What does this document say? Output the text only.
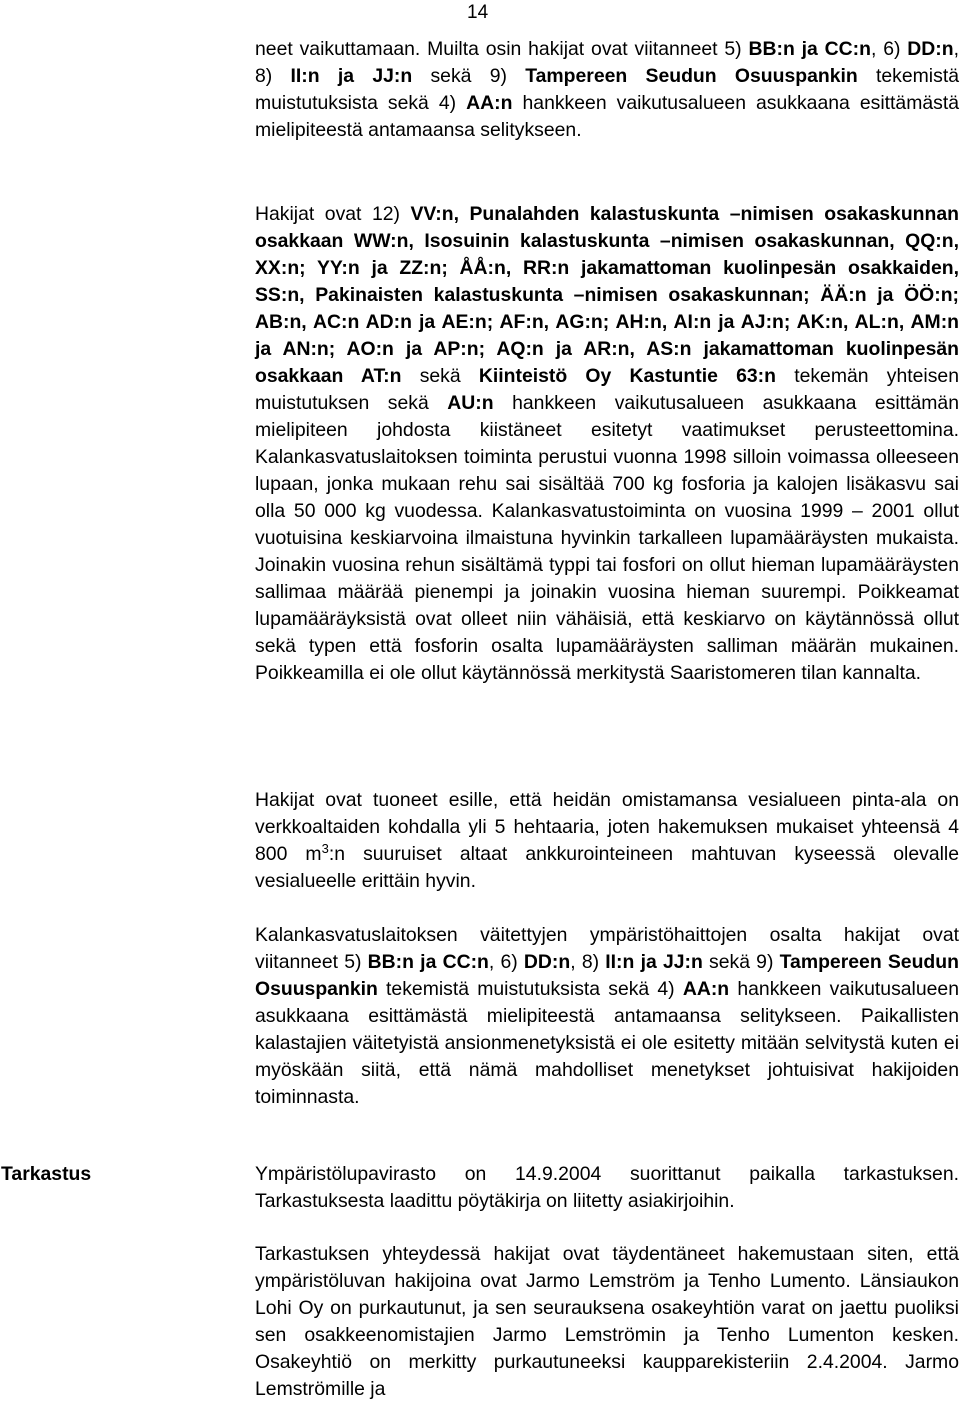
14

neet vaikuttamaan. Muilta osin hakijat ovat viitanneet 5) BB:n ja CC:n, 6) DD:n, 8) II:n ja JJ:n sekä 9) Tampereen Seudun Osuuspankin tekemistä muistutuksista sekä 4) AA:n hankkeen vaikutusalueen asukkaana esittämästä mielipiteestä antamaansa selitykseen.

Hakijat ovat 12) VV:n, Punalahden kalastuskunta –nimisen osakaskunnan osakkaan WW:n, Isosuinin kalastuskunta –nimisen osakaskunnan, QQ:n, XX:n; YY:n ja ZZ:n; ÅÅ:n, RR:n jakamattoman kuolinpesän osakkaiden, SS:n, Pakinaisten kalastuskunta –nimisen osakaskunnan; ÄÄ:n ja ÖÖ:n; AB:n, AC:n AD:n ja AE:n; AF:n, AG:n; AH:n, AI:n ja AJ:n; AK:n, AL:n, AM:n ja AN:n; AO:n ja AP:n; AQ:n ja AR:n, AS:n jakamattoman kuolinpesän osakkaan AT:n sekä Kiinteistö Oy Kastuntie 63:n tekemän yhteisen muistutuksen sekä AU:n hankkeen vaikutusalueen asukkaana esittämän mielipiteen johdosta kiistäneet esitetyt vaatimukset perusteettomina. Kalankasvatuslaitoksen toiminta perustui vuonna 1998 silloin voimassa olleeseen lupaan, jonka mukaan rehu sai sisältää 700 kg fosforia ja kalojen lisäkasvu sai olla 50 000 kg vuodessa. Kalankasvatustoiminta on vuosina 1999 – 2001 ollut vuotuisina keskiarvoina ilmaistuna hyvinkin tarkalleen lupamääräysten mukaista. Joinakin vuosina rehun sisältämä typpi tai fosfori on ollut hieman lupamääräysten sallimaa määrää pienempi ja joinakin vuosina hieman suurempi. Poikkeamat lupamääräyksistä ovat olleet niin vähäisiä, että keskiarvo on käytännössä ollut sekä typen että fosforin osalta lupamääräysten salliman määrän mukainen. Poikkeamilla ei ole ollut käytännössä merkitystä Saaristomeren tilan kannalta.

Hakijat ovat tuoneet esille, että heidän omistamansa vesialueen pinta-ala on verkkoaltaiden kohdalla yli 5 hehtaaria, joten hakemuksen mukaiset yhteensä 4 800 $m^3:n$ suuruiset altaat ankkurointeineen mahtuvan kyseessä olevalle vesialueelle erittäin hyvin.

Kalankasvatuslaitoksen väitettyjen ympäristöhaittojen osalta hakijat ovat viitanneet 5) BB:n ja CC:n, 6) DD:n, 8) II:n ja JJ:n sekä 9) Tampereen Seudun Osuuspankin tekemistä muistutuksista sekä 4) AA:n hankkeen vaikutusalueen asukkaana esittämästä mielipiteestä antamaansa selitykseen. Paikallisten kalastajien väitetyistä ansionmenetyksistä ei ole esitetty mitään selvitystä kuten ei myöskään siitä, että nämä mahdolliset menetykset johtuisivat hakijoiden toiminnasta.

Tarkastus	Ympäristölupavirasto on 14.9.2004 suorittanut paikalla tarkastuksen. Tarkastuksesta laadittu pöytäkirja on liitetty asiakirjoihin.

Tarkastuksen yhteydessä hakijat ovat täydentäneet hakemustaan siten, että ympäristöluvan hakijoina ovat Jarmo Lemström ja Tenho Lumento. Länsiaukon Lohi Oy on purkautunut, ja sen seurauksena osakeyhtiön varat on jaettu puoliksi sen osakkeenomistajien Jarmo Lemströmin ja Tenho Lumenton kesken. Osakeyhtiö on merkitty purkautuneeksi kaupparekisteriin 2.4.2004. Jarmo Lemströmille ja
